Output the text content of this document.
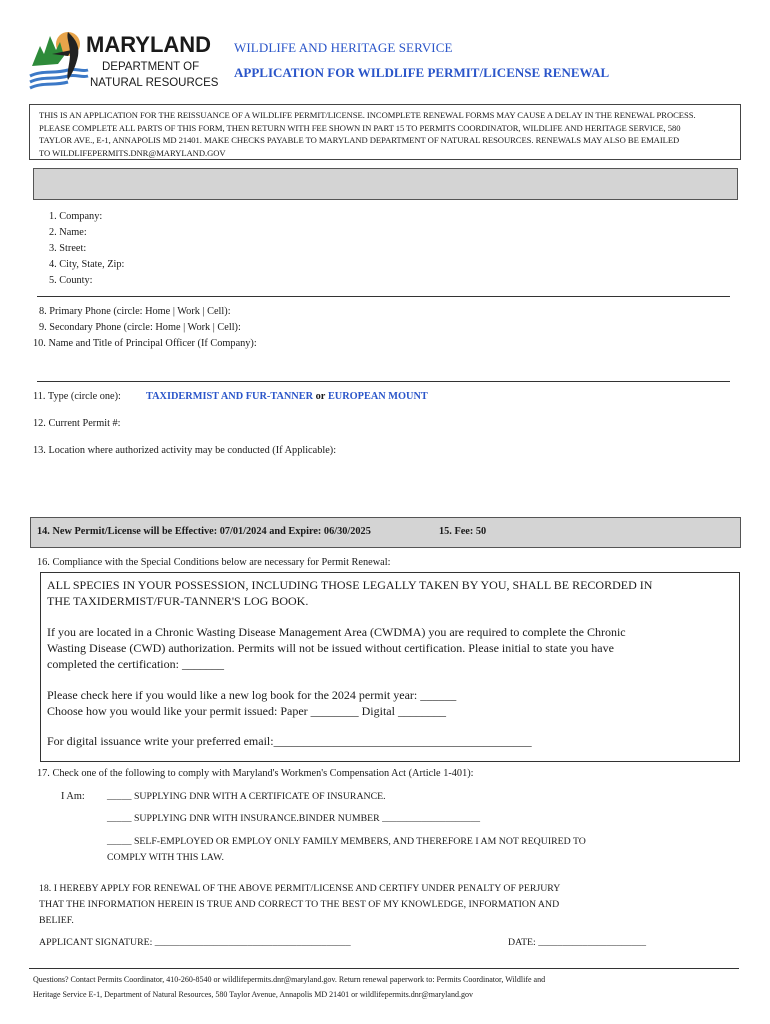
MARYLAND
DEPARTMENT OF
NATURAL RESOURCES
WILDLIFE AND HERITAGE SERVICE
APPLICATION FOR WILDLIFE PERMIT/LICENSE RENEWAL
THIS IS AN APPLICATION FOR THE REISSUANCE OF A WILDLIFE PERMIT/LICENSE. INCOMPLETE RENEWAL FORMS MAY CAUSE A DELAY IN THE RENEWAL PROCESS.
PLEASE COMPLETE ALL PARTS OF THIS FORM, THEN RETURN WITH FEE SHOWN IN PART 15 TO PERMITS COORDINATOR, WILDLIFE AND HERITAGE SERVICE, 580
TAYLOR AVE., E-1, ANNAPOLIS MD 21401. MAKE CHECKS PAYABLE TO MARYLAND DEPARTMENT OF NATURAL RESOURCES. RENEWALS MAY ALSO BE EMAILED
TO WILDLIFEPERMITS.DNR@MARYLAND.GOV
1. Company:
2. Name:
3. Street:
4. City, State, Zip:
5. County:
8. Primary Phone (circle: Home | Work | Cell):
9. Secondary Phone (circle: Home | Work | Cell):
10. Name and Title of Principal Officer (If Company):
11. Type (circle one): TAXIDERMIST AND FUR-TANNER or EUROPEAN MOUNT
12. Current Permit #:
13. Location where authorized activity may be conducted (If Applicable):
14. New Permit/License will be Effective: 07/01/2024 and Expire: 06/30/2025	15. Fee: 50
16. Compliance with the Special Conditions below are necessary for Permit Renewal:
ALL SPECIES IN YOUR POSSESSION, INCLUDING THOSE LEGALLY TAKEN BY YOU, SHALL BE RECORDED IN
THE TAXIDERMIST/FUR-TANNER'S LOG BOOK.
If you are located in a Chronic Wasting Disease Management Area (CWDMA) you are required to complete the Chronic
Wasting Disease (CWD) authorization. Permits will not be issued without certification. Please initial to state you have
completed the certification: _______
Please check here if you would like a new log book for the 2024 permit year: ______
Choose how you would like your permit issued: Paper ________ Digital ________
For digital issuance write your preferred email:___________________________________________
17. Check one of the following to comply with Maryland's Workmen's Compensation Act (Article 1-401):
I Am: _____ SUPPLYING DNR WITH A CERTIFICATE OF INSURANCE.
_____ SUPPLYING DNR WITH INSURANCE.BINDER NUMBER ____________________
_____ SELF-EMPLOYED OR EMPLOY ONLY FAMILY MEMBERS, AND THEREFORE I AM NOT REQUIRED TO
COMPLY WITH THIS LAW.
18. I HEREBY APPLY FOR RENEWAL OF THE ABOVE PERMIT/LICENSE AND CERTIFY UNDER PENALTY OF PERJURY
THAT THE INFORMATION HEREIN IS TRUE AND CORRECT TO THE BEST OF MY KNOWLEDGE, INFORMATION AND
BELIEF.
APPLICANT SIGNATURE: ________________________________________	DATE: ______________________
Questions? Contact Permits Coordinator, 410-260-8540 or wildlifepermits.dnr@maryland.gov. Return renewal paperwork to: Permits Coordinator, Wildlife and
Heritage Service E-1, Department of Natural Resources, 580 Taylor Avenue, Annapolis MD 21401 or wildlifepermits.dnr@maryland.gov
